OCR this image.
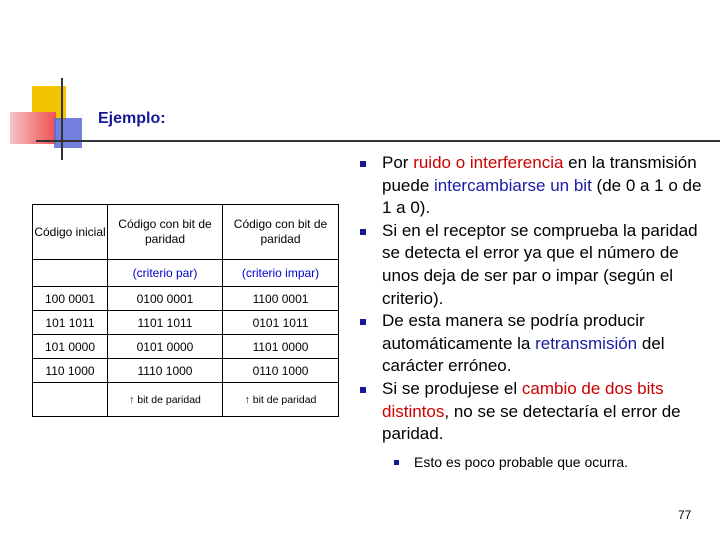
Ejemplo:
Código inicial	Código con bit de paridad	Código con bit de paridad
	(criterio par)	(criterio impar)
100 0001	0100 0001	1100 0001
101 1011	1101 1011	0101 1011
101 0000	0101 0000	1101 0000
110 1000	1110 1000	0110 1000
	↑ bit de paridad	↑ bit de paridad
Por ruido o interferencia en la transmisión puede intercambiarse un bit (de 0 a 1 o de 1 a 0).
Si en el receptor se comprueba la paridad se detecta el error ya que el número de unos deja de ser par o impar (según el criterio).
De esta manera se podría producir automáticamente la retransmisión del carácter erróneo.
Si se produjese el cambio de dos bits distintos, no se se detectaría el error de paridad.
Esto es poco probable que ocurra.
77
